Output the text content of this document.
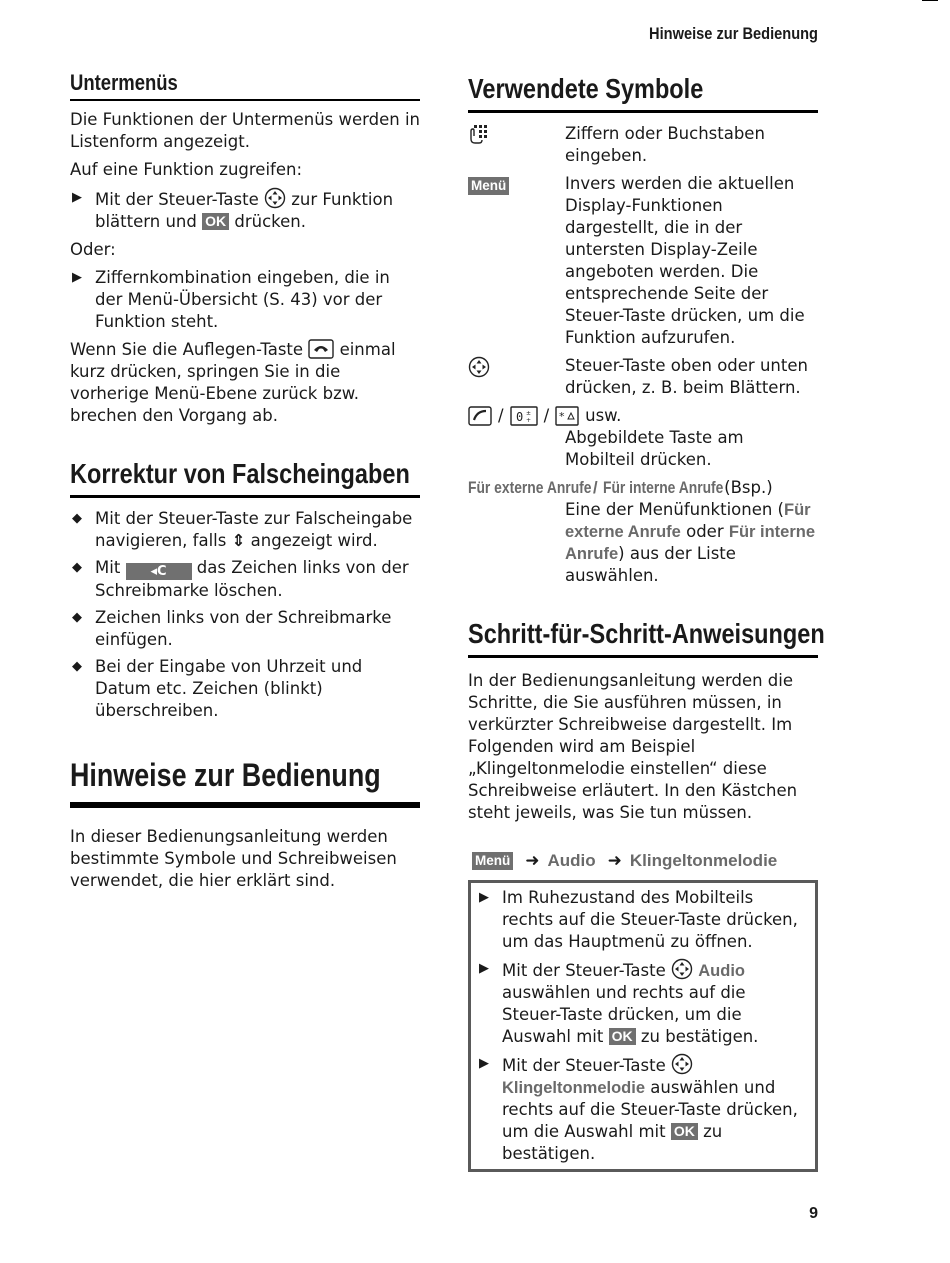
Hinweise zur Bedienung
Untermenüs

Die Funktionen der Untermenüs werden in Listenform angezeigt.

Auf eine Funktion zugreifen:

▶ Mit der Steuer-Taste zur Funktion blättern und OK drücken.

Oder:

▶ Ziffernkombination eingeben, die in der Menü-Übersicht (S. 43) vor der Funktion steht.

Wenn Sie die Auflegen-Taste einmal kurz drücken, springen Sie in die vorherige Menü-Ebene zurück bzw. brechen den Vorgang ab.

Korrektur von Falscheingaben
◆ Mit der Steuer-Taste zur Falscheingabe navigieren, falls ⇕ angezeigt wird.
◆ Mit ◂C das Zeichen links von der Schreibmarke löschen.
◆ Zeichen links von der Schreibmarke einfügen.
◆ Bei der Eingabe von Uhrzeit und Datum etc. Zeichen (blinkt) überschreiben.
Hinweise zur Bedienung

In dieser Bedienungsanleitung werden bestimmte Symbole und Schreibweisen verwendet, die hier erklärt sind.

Verwendete Symbole
Ziffern oder Buchstaben eingeben.
Menü	Invers werden die aktuellen Display-Funktionen dargestellt, die in der untersten Display-Zeile angeboten werden. Die entsprechende Seite der Steuer-Taste drücken, um die Funktion aufzurufen.
Steuer-Taste oben oder unten drücken, z. B. beim Blättern.
/ 0 ±
+ / * usw.
Abgebildete Taste am Mobilteil drücken.
Für externe Anrufe/ Für interne Anrufe(Bsp.)
Eine der Menüfunktionen (Für externe Anrufe oder Für interne Anrufe) aus der Liste auswählen.
Schritt-für-Schritt-Anweisungen

In der Bedienungsanleitung werden die Schritte, die Sie ausführen müssen, in verkürzter Schreibweise dargestellt. Im Folgenden wird am Beispiel „Klingeltonmelodie einstellen“ diese Schreibweise erläutert. In den Kästchen steht jeweils, was Sie tun müssen.

Menü ➜ Audio ➜ Klingeltonmelodie
▶ Im Ruhezustand des Mobilteils rechts auf die Steuer-Taste drücken, um das Hauptmenü zu öffnen.
▶ Mit der Steuer-Taste Audio auswählen und rechts auf die Steuer-Taste drücken, um die Auswahl mit OK zu bestätigen.
▶ Mit der Steuer-Taste  Klingeltonmelodie auswählen und rechts auf die Steuer-Taste drücken, um die Auswahl mit OK zu bestätigen.
9
